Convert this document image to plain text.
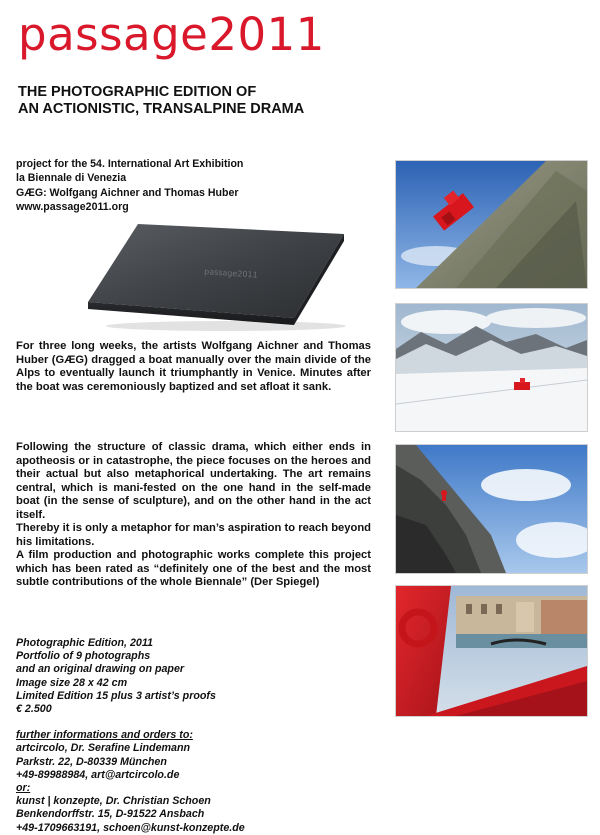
passage2011
THE PHOTOGRAPHIC EDITION OF
AN ACTIONISTIC, TRANSALPINE DRAMA
project for the 54. International Art Exhibition
la Biennale di Venezia
GÆG: Wolfgang Aichner and Thomas Huber
www.passage2011.org
passage2011
For three long weeks, the artists Wolfgang Aichner and Thomas Huber (GÆG) dragged a boat manually over the main divide of the Alps to eventually launch it triumphantly in Venice. Minutes after the boat was ceremoniously baptized and set afloat it sank.

Following the structure of classic drama, which either ends in apotheosis or in catastrophe, the piece focuses on the heroes and their actual but also metaphorical undertaking. The art remains central, which is mani-fested on the one hand in the self-made boat (in the sense of sculpture), and on the other hand in the act itself.

Thereby it is only a metaphor for man’s aspiration to reach beyond his limitations.

A film production and photographic works complete this project which has been rated as “definitely one of the best and the most subtle contributions of the whole Biennale” (Der Spiegel)

Photographic Edition, 2011
Portfolio of 9 photographs
and an original drawing on paper
Image size 28 x 42 cm
Limited Edition 15 plus 3 artist’s proofs
€ 2.500
further informations and orders to:
artcircolo, Dr. Serafine Lindemann
Parkstr. 22, D-80339 München
+49-89988984, art@artcircolo.de
or:
kunst | konzepte, Dr. Christian Schoen
Benkendorffstr. 15, D-91522 Ansbach
+49-1709663191, schoen@kunst-konzepte.de
